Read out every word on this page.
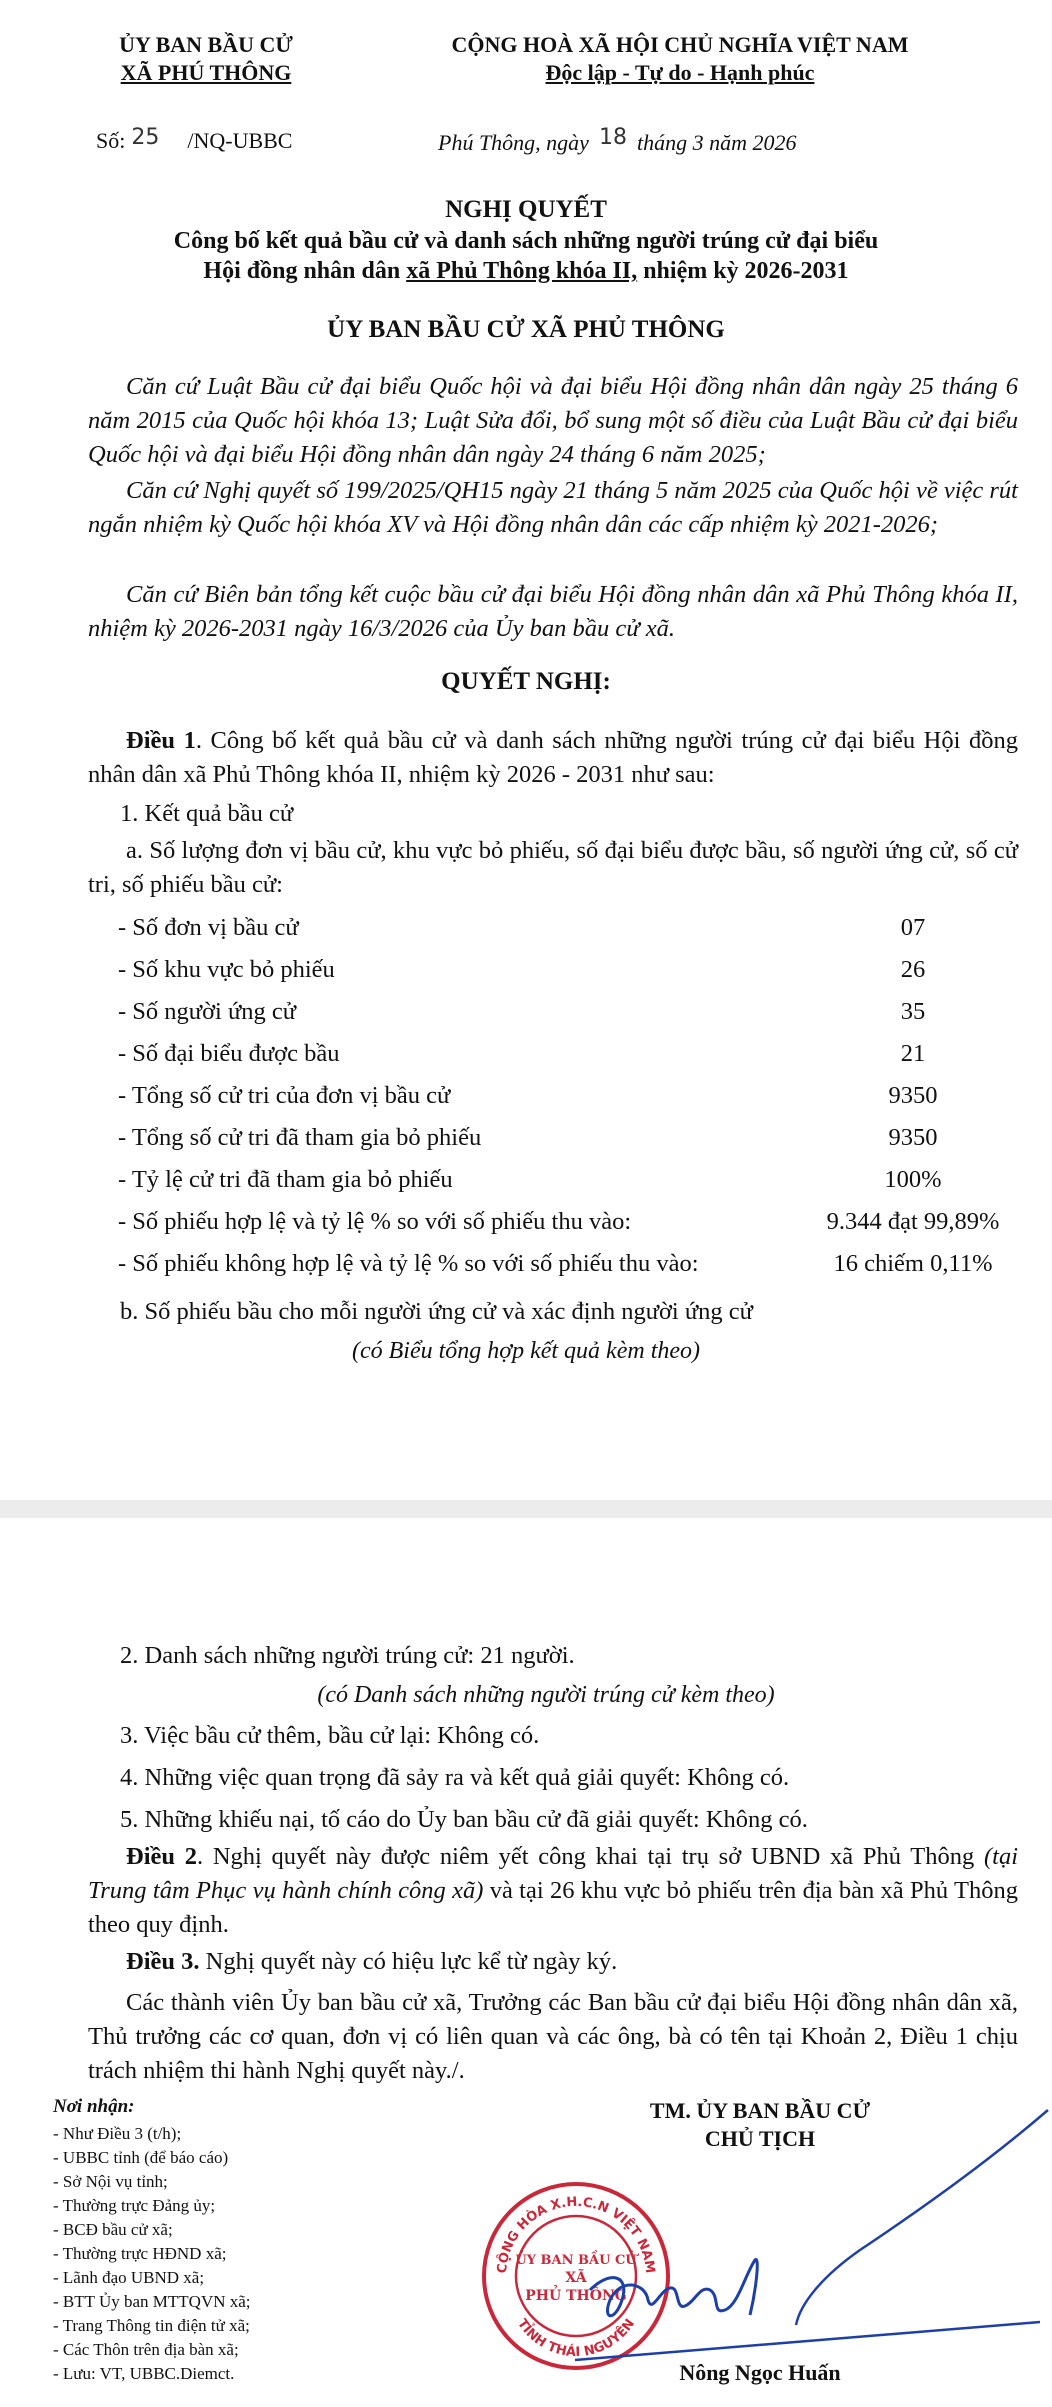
ỦY BAN BẦU CỬ
XÃ PHÚ THÔNG
CỘNG HOÀ XÃ HỘI CHỦ NGHĨA VIỆT NAM
Độc lập - Tự do - Hạnh phúc
Số: 25 /NQ-UBBC	Phú Thông, ngày 18 tháng 3 năm 2026
NGHỊ QUYẾT
Công bố kết quả bầu cử và danh sách những người trúng cử đại biểu
Hội đồng nhân dân xã Phủ Thông khóa II, nhiệm kỳ 2026-2031
ỦY BAN BẦU CỬ XÃ PHỦ THÔNG
Căn cứ Luật Bầu cử đại biểu Quốc hội và đại biểu Hội đồng nhân dân ngày 25 tháng 6 năm 2015 của Quốc hội khóa 13; Luật Sửa đổi, bổ sung một số điều của Luật Bầu cử đại biểu Quốc hội và đại biểu Hội đồng nhân dân ngày 24 tháng 6 năm 2025;
Căn cứ Nghị quyết số 199/2025/QH15 ngày 21 tháng 5 năm 2025 của Quốc hội về việc rút ngắn nhiệm kỳ Quốc hội khóa XV và Hội đồng nhân dân các cấp nhiệm kỳ 2021-2026;
Căn cứ Biên bản tổng kết cuộc bầu cử đại biểu Hội đồng nhân dân xã Phủ Thông khóa II, nhiệm kỳ 2026-2031 ngày 16/3/2026 của Ủy ban bầu cử xã.
QUYẾT NGHỊ:
Điều 1. Công bố kết quả bầu cử và danh sách những người trúng cử đại biểu Hội đồng nhân dân xã Phủ Thông khóa II, nhiệm kỳ 2026 - 2031 như sau:
1. Kết quả bầu cử
a. Số lượng đơn vị bầu cử, khu vực bỏ phiếu, số đại biểu được bầu, số người ứng cử, số cử tri, số phiếu bầu cử:
- Số đơn vị bầu cử	07
- Số khu vực bỏ phiếu	26
- Số người ứng cử	35
- Số đại biểu được bầu	21
- Tổng số cử tri của đơn vị bầu cử	9350
- Tổng số cử tri đã tham gia bỏ phiếu	9350
- Tỷ lệ cử tri đã tham gia bỏ phiếu	100%
- Số phiếu hợp lệ và tỷ lệ % so với số phiếu thu vào:	9.344 đạt 99,89%
- Số phiếu không hợp lệ và tỷ lệ % so với số phiếu thu vào:	16 chiếm 0,11%
b. Số phiếu bầu cho mỗi người ứng cử và xác định người ứng cử
(có Biểu tổng hợp kết quả kèm theo)
2. Danh sách những người trúng cử: 21 người.
(có Danh sách những người trúng cử kèm theo)
3. Việc bầu cử thêm, bầu cử lại: Không có.
4. Những việc quan trọng đã sảy ra và kết quả giải quyết: Không có.
5. Những khiếu nại, tố cáo do Ủy ban bầu cử đã giải quyết: Không có.
Điều 2. Nghị quyết này được niêm yết công khai tại trụ sở UBND xã Phủ Thông (tại Trung tâm Phục vụ hành chính công xã) và tại 26 khu vực bỏ phiếu trên địa bàn xã Phủ Thông theo quy định.
Điều 3. Nghị quyết này có hiệu lực kể từ ngày ký.
Các thành viên Ủy ban bầu cử xã, Trưởng các Ban bầu cử đại biểu Hội đồng nhân dân xã, Thủ trưởng các cơ quan, đơn vị có liên quan và các ông, bà có tên tại Khoản 2, Điều 1 chịu trách nhiệm thi hành Nghị quyết này./.
Nơi nhận:
- Như Điều 3 (t/h);
- UBBC tỉnh (để báo cáo)
- Sở Nội vụ tỉnh;
- Thường trực Đảng ủy;
- BCĐ bầu cử xã;
- Thường trực HĐND xã;
- Lãnh đạo UBND xã;
- BTT Ủy ban MTTQVN xã;
- Trang Thông tin điện tử xã;
- Các Thôn trên địa bàn xã;
- Lưu: VT, UBBC.Diemct.
TM. ỦY BAN BẦU CỬ
CHỦ TỊCH
CỘNG HÒA X.H.C.N VIỆT NAM
TỈNH THÁI NGUYÊN
ỦY BAN BẦU CỬ
XÃ
PHỦ THÔNG
Nông Ngọc Huấn
